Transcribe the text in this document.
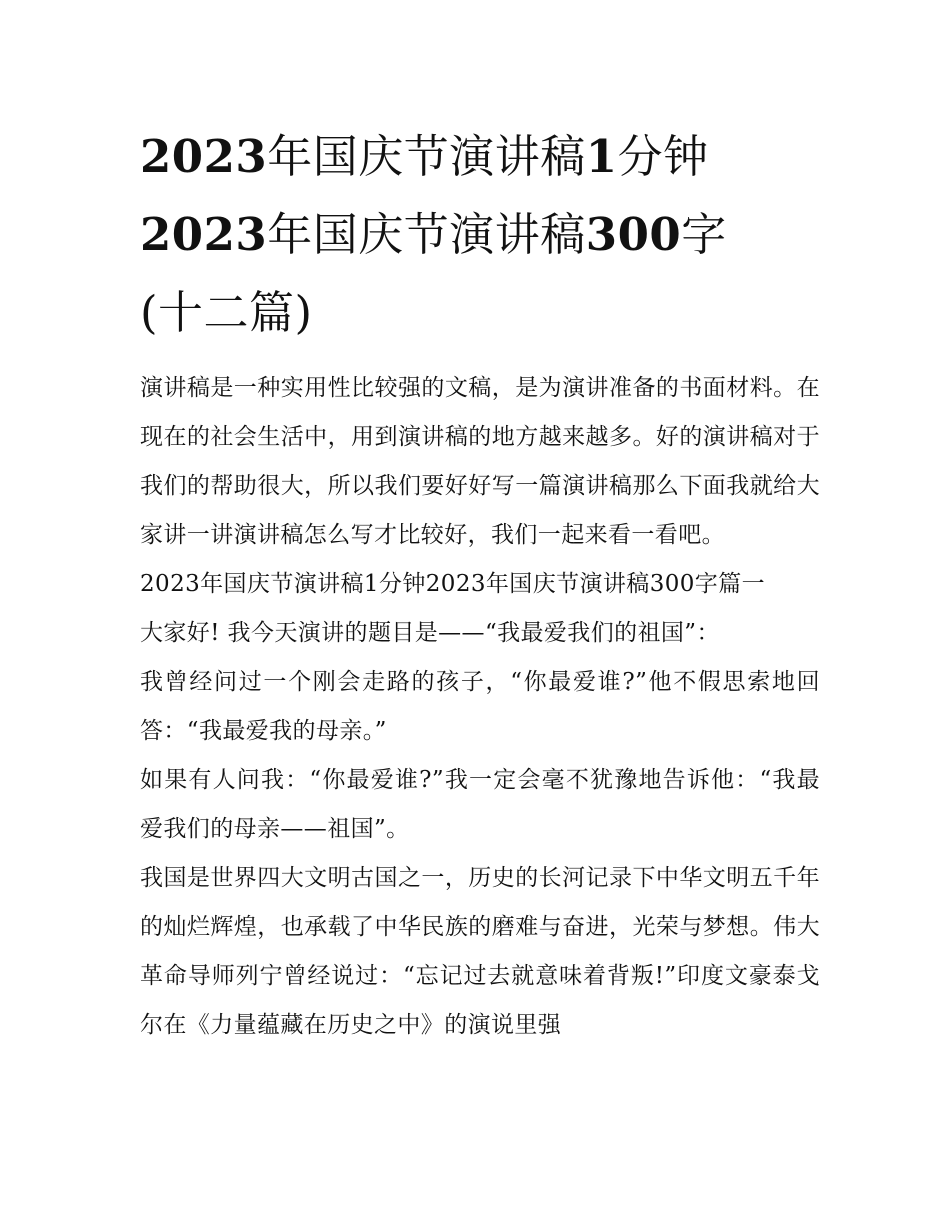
2023年国庆节演讲稿1分钟
2023年国庆节演讲稿300字
(十二篇)

演讲稿是一种实用性比较强的文稿，是为演讲准备的书面材料。在现在的社会生活中，用到演讲稿的地方越来越多。好的演讲稿对于我们的帮助很大，所以我们要好好写一篇演讲稿那么下面我就给大家讲一讲演讲稿怎么写才比较好，我们一起来看一看吧。

2023年国庆节演讲稿1分钟2023年国庆节演讲稿300字篇一

大家好! 我今天演讲的题目是——“我最爱我们的祖国”：

我曾经问过一个刚会走路的孩子，“你最爱谁?”他不假思索地回答：“我最爱我的母亲。”

如果有人问我：“你最爱谁?”我一定会毫不犹豫地告诉他：“我最爱我们的母亲——祖国”。

我国是世界四大文明古国之一，历史的长河记录下中华文明五千年的灿烂辉煌，也承载了中华民族的磨难与奋进，光荣与梦想。伟大革命导师列宁曾经说过：“忘记过去就意味着背叛!”印度文豪泰戈尔在《力量蕴藏在历史之中》的演说里强
